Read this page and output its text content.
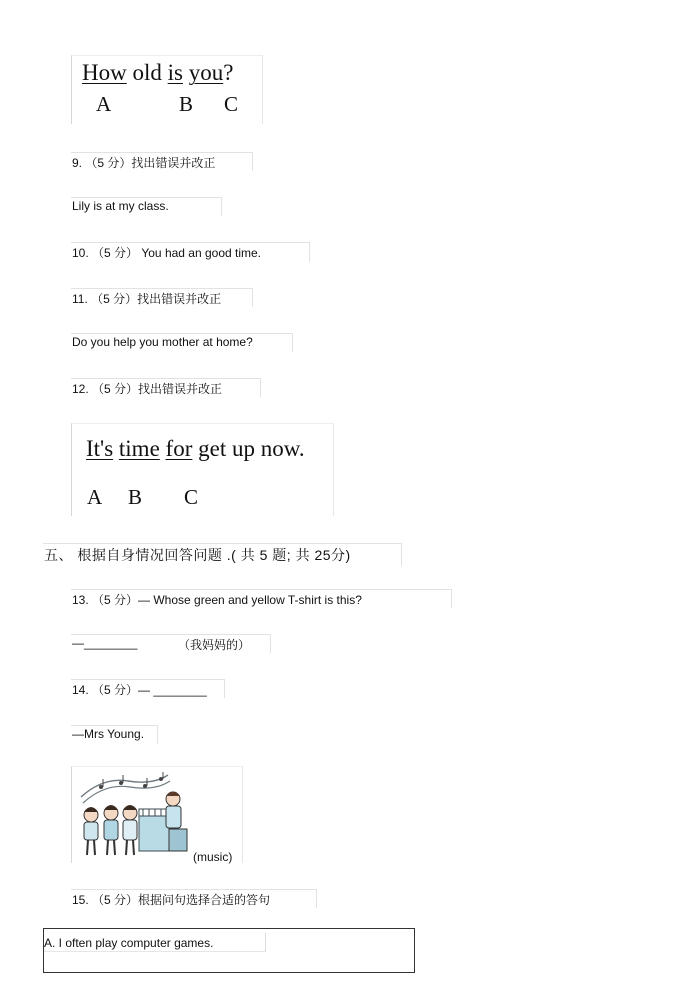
How old is you?
A	B C
9. （5 分）找出错误并改正
Lily is at my class.
10. （5 分） You had an good time.
11. （5 分）找出错误并改正
Do you help you mother at home?
12. （5 分）找出错误并改正
It's time for get up now.
A B C
五、 根据自身情况回答问题 .( 共 5 题; 共 25分)
13. （5 分）— Whose green and yellow T-shirt is this?
—________	（我妈妈的）
14. （5 分）— ________
—Mrs Young.
(music)
15. （5 分）根据问句选择合适的答句
A. I often play computer games.
